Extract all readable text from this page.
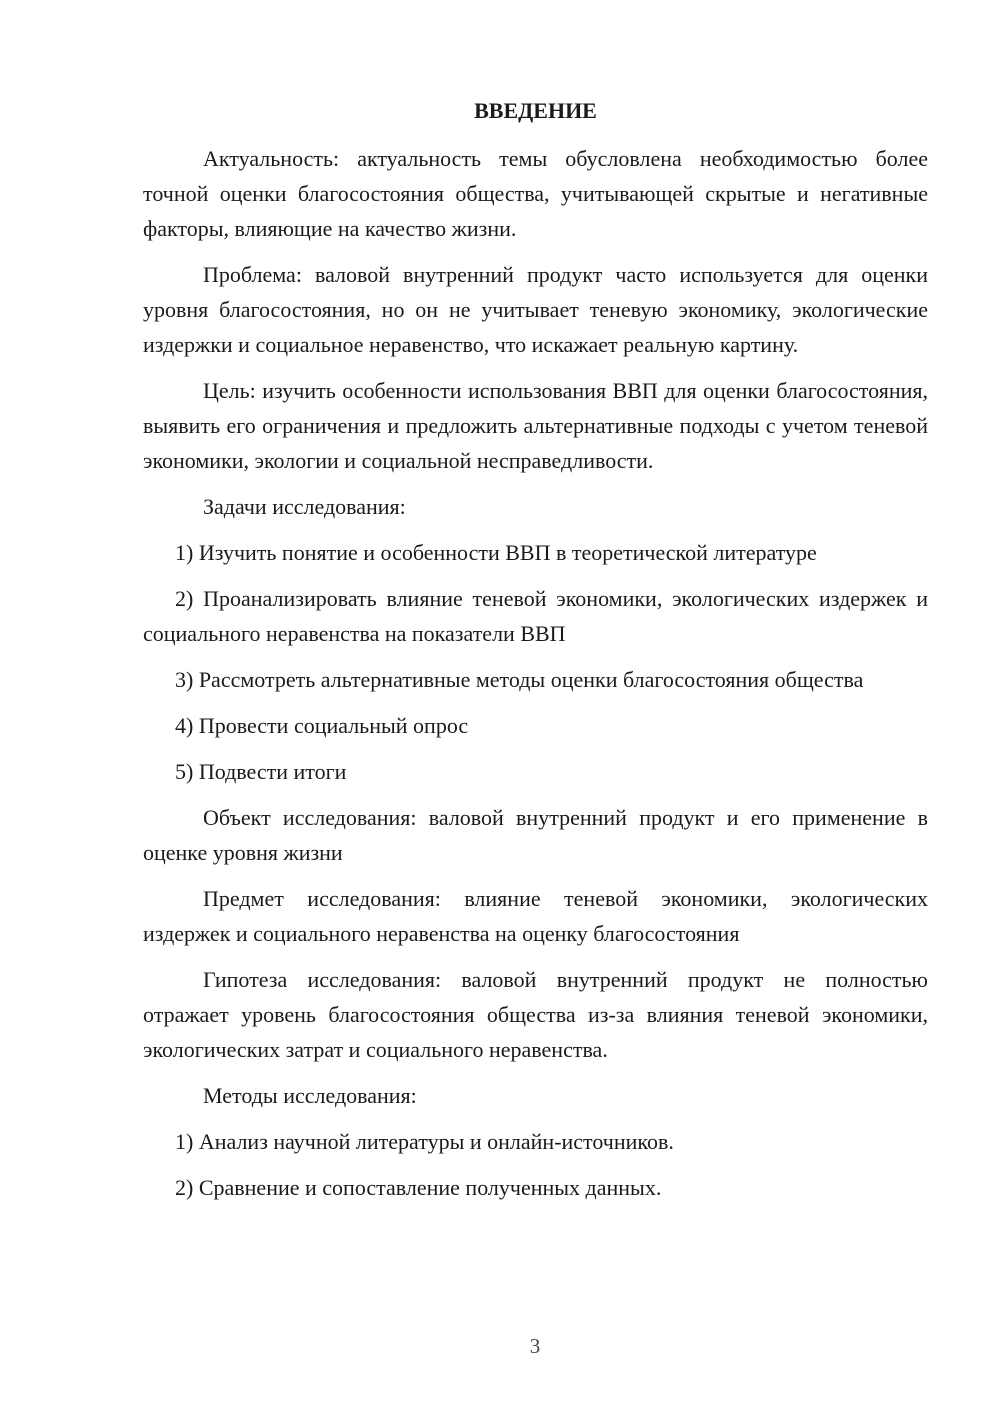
ВВЕДЕНИЕ

Актуальность: актуальность темы обусловлена необходимостью более точной оценки благосостояния общества, учитывающей скрытые и негативные факторы, влияющие на качество жизни.

Проблема: валовой внутренний продукт часто используется для оценки уровня благосостояния, но он не учитывает теневую экономику, экологические издержки и социальное неравенство, что искажает реальную картину.

Цель: изучить особенности использования ВВП для оценки благосостояния, выявить его ограничения и предложить альтернативные подходы с учетом теневой экономики, экологии и социальной несправедливости.

Задачи исследования:

1) Изучить понятие и особенности ВВП в теоретической литературе

2) Проанализировать влияние теневой экономики, экологических издержек и социального неравенства на показатели ВВП

3) Рассмотреть альтернативные методы оценки благосостояния общества

4) Провести социальный опрос

5) Подвести итоги

Объект исследования: валовой внутренний продукт и его применение в оценке уровня жизни

Предмет исследования: влияние теневой экономики, экологических издержек и социального неравенства на оценку благосостояния

Гипотеза исследования: валовой внутренний продукт не полностью отражает уровень благосостояния общества из-за влияния теневой экономики, экологических затрат и социального неравенства.

Методы исследования:

1) Анализ научной литературы и онлайн-источников.

2) Сравнение и сопоставление полученных данных.

3
